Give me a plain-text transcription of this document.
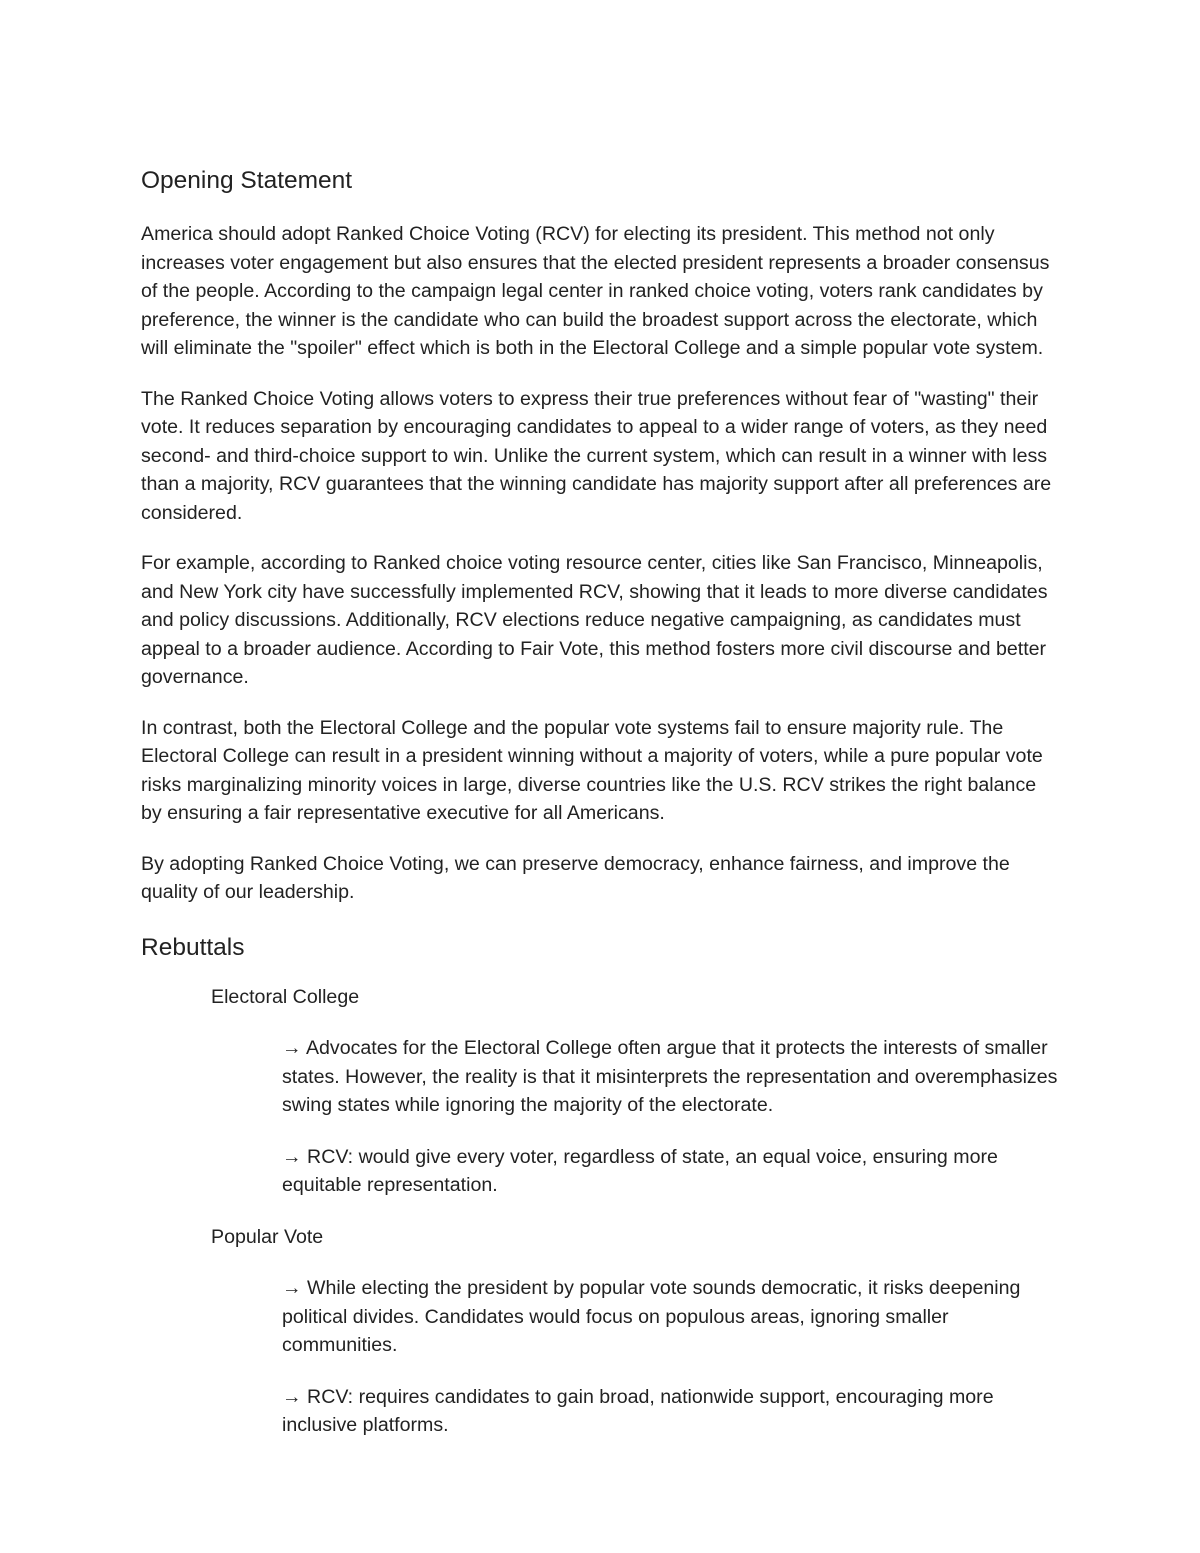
Opening Statement

America should adopt Ranked Choice Voting (RCV) for electing its president. This method not only increases voter engagement but also ensures that the elected president represents a broader consensus of the people. According to the campaign legal center in ranked choice voting, voters rank candidates by preference, the winner is the candidate who can build the broadest support across the electorate, which will eliminate the "spoiler" effect which is both in the Electoral College and a simple popular vote system.

The Ranked Choice Voting allows voters to express their true preferences without fear of "wasting" their vote. It reduces separation by encouraging candidates to appeal to a wider range of voters, as they need second- and third-choice support to win. Unlike the current system, which can result in a winner with less than a majority, RCV guarantees that the winning candidate has majority support after all preferences are considered.

For example, according to Ranked choice voting resource center, cities like San Francisco, Minneapolis, and New York city have successfully implemented RCV, showing that it leads to more diverse candidates and policy discussions. Additionally, RCV elections reduce negative campaigning, as candidates must appeal to a broader audience. According to Fair Vote, this method fosters more civil discourse and better governance.

In contrast, both the Electoral College and the popular vote systems fail to ensure majority rule. The Electoral College can result in a president winning without a majority of voters, while a pure popular vote risks marginalizing minority voices in large, diverse countries like the U.S. RCV strikes the right balance by ensuring a fair representative executive for all Americans.

By adopting Ranked Choice Voting, we can preserve democracy, enhance fairness, and improve the quality of our leadership.

Rebuttals
Electoral College
→ Advocates for the Electoral College often argue that it protects the interests of smaller states. However, the reality is that it misinterprets the representation and overemphasizes swing states while ignoring the majority of the electorate.
→ RCV: would give every voter, regardless of state, an equal voice, ensuring more equitable representation.
Popular Vote
→ While electing the president by popular vote sounds democratic, it risks deepening political divides. Candidates would focus on populous areas, ignoring smaller communities.
→ RCV: requires candidates to gain broad, nationwide support, encouraging more inclusive platforms.
